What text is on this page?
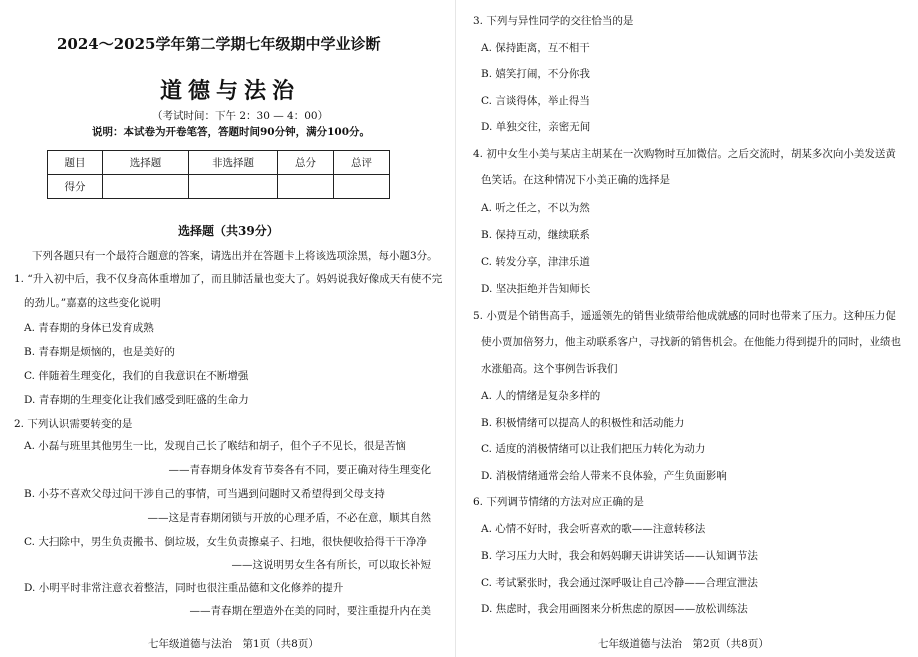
2024～2025学年第二学期七年级期中学业诊断
道德与法治
（考试时间：下午 2：30 — 4：00）
说明：本试卷为开卷笔答，答题时间90分钟，满分100分。
题目	选择题	非选择题	总分	总评
得分				
选择题（共39分）
下列各题只有一个最符合题意的答案，请选出并在答题卡上将该选项涂黑，每小题3分。
1. “升入初中后，我不仅身高体重增加了，而且肺活量也变大了。妈妈说我好像成天有使不完
的劲儿。”嘉嘉的这些变化说明
A. 青春期的身体已发育成熟
B. 青春期是烦恼的，也是美好的
C. 伴随着生理变化，我们的自我意识在不断增强
D. 青春期的生理变化让我们感受到旺盛的生命力
2. 下列认识需要转变的是
A. 小磊与班里其他男生一比，发现自己长了喉结和胡子，但个子不见长，很是苦恼
——青春期身体发育节奏各有不同，要正确对待生理变化
B. 小芬不喜欢父母过问干涉自己的事情，可当遇到问题时又希望得到父母支持
——这是青春期闭锁与开放的心理矛盾，不必在意，顺其自然
C. 大扫除中，男生负责搬书、倒垃圾，女生负责擦桌子、扫地，很快便收拾得干干净净
——这说明男女生各有所长，可以取长补短
D. 小明平时非常注意衣着整洁，同时也很注重品德和文化修养的提升
——青春期在塑造外在美的同时，要注重提升内在美
七年级道德与法治　第1页（共8页）
3. 下列与异性同学的交往恰当的是
A. 保持距离，互不相干
B. 嬉笑打闹，不分你我
C. 言谈得体，举止得当
D. 单独交往，亲密无间
4. 初中女生小美与某店主胡某在一次购物时互加微信。之后交流时，胡某多次向小美发送黄
色笑话。在这种情况下小美正确的选择是
A. 听之任之，不以为然
B. 保持互动，继续联系
C. 转发分享，津津乐道
D. 坚决拒绝并告知师长
5. 小贾是个销售高手，遥遥领先的销售业绩带给他成就感的同时也带来了压力。这种压力促
使小贾加倍努力，他主动联系客户，寻找新的销售机会。在他能力得到提升的同时，业绩也
水涨船高。这个事例告诉我们
A. 人的情绪是复杂多样的
B. 积极情绪可以提高人的积极性和活动能力
C. 适度的消极情绪可以让我们把压力转化为动力
D. 消极情绪通常会给人带来不良体验，产生负面影响
6. 下列调节情绪的方法对应正确的是
A. 心情不好时，我会听喜欢的歌——注意转移法
B. 学习压力大时，我会和妈妈聊天讲讲笑话——认知调节法
C. 考试紧张时，我会通过深呼吸让自己冷静——合理宣泄法
D. 焦虑时，我会用画图来分析焦虑的原因——放松训练法
七年级道德与法治　第2页（共8页）
